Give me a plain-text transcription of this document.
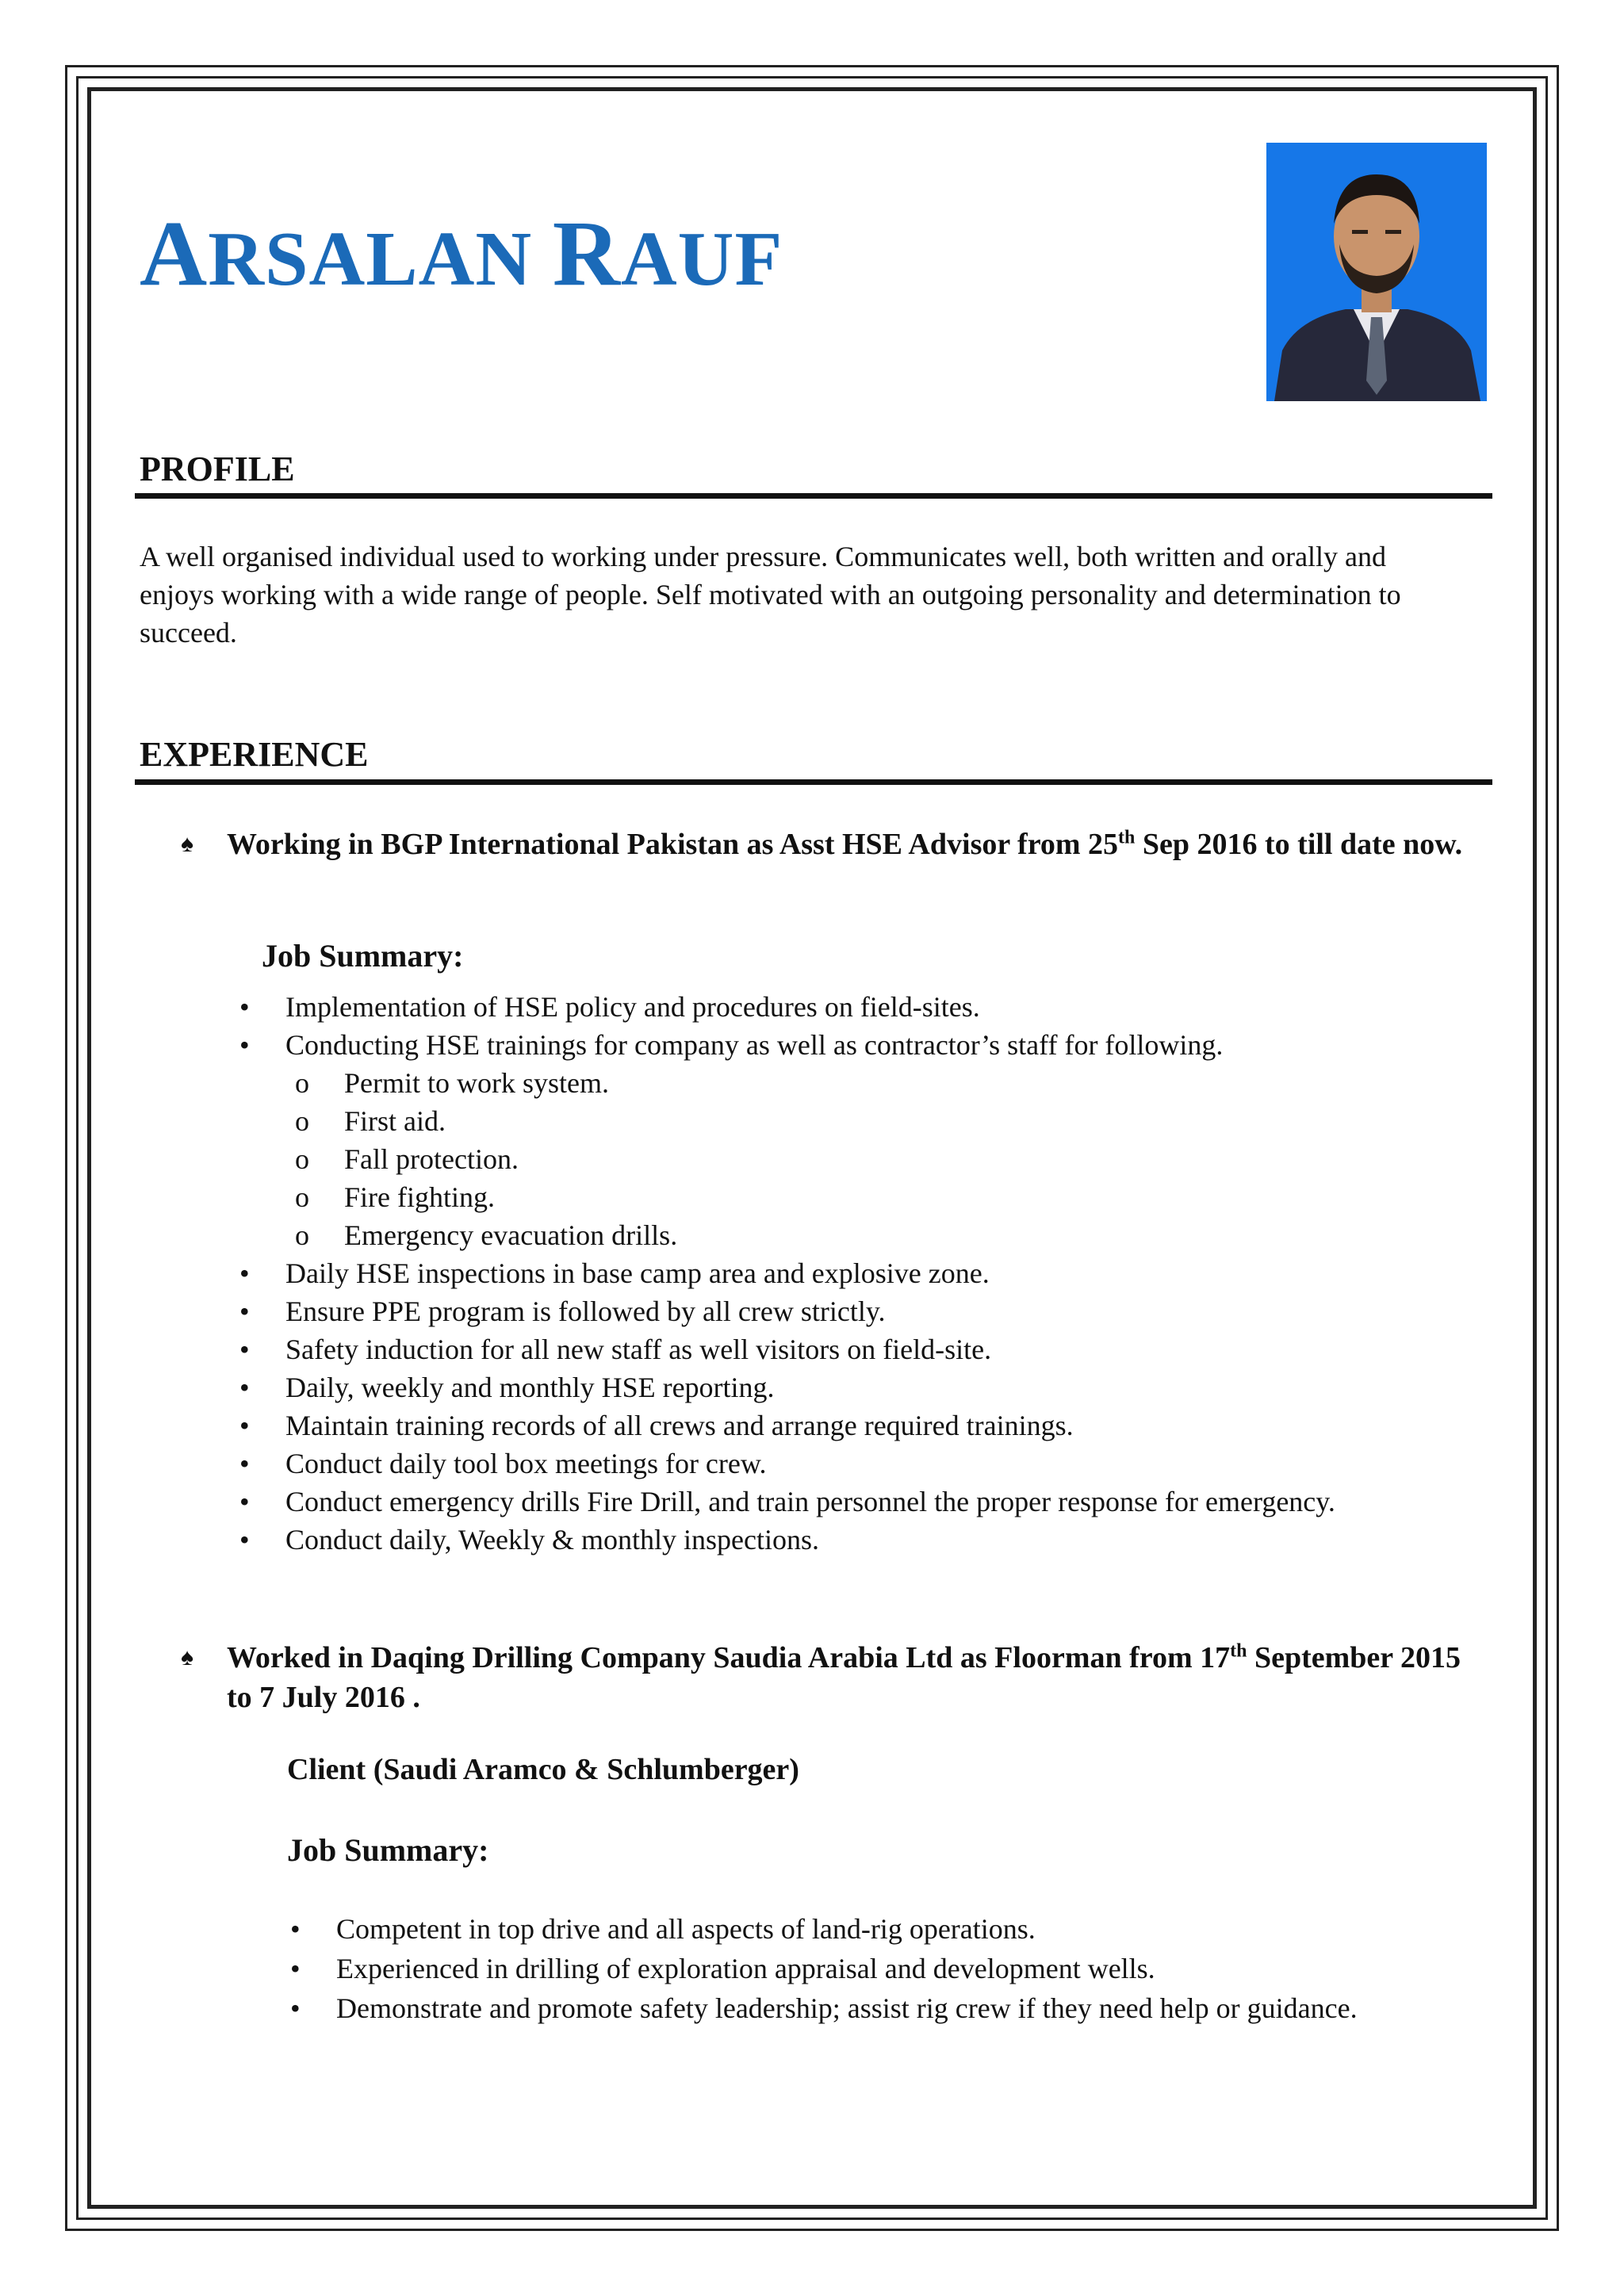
ARSALAN RAUF
PROFILE
A well organised individual used to working under pressure. Communicates well, both written and orally and enjoys working with a wide range of people. Self motivated with an outgoing personality and determination to succeed.
EXPERIENCE
♠ Working in BGP International Pakistan as Asst HSE Advisor from 25th Sep 2016 to till date now.
Job Summary:
• Implementation of HSE policy and procedures on field-sites.
• Conducting HSE trainings for company as well as contractor’s staff for following.
o Permit to work system.
o First aid.
o Fall protection.
o Fire fighting.
o Emergency evacuation drills.
• Daily HSE inspections in base camp area and explosive zone.
• Ensure PPE program is followed by all crew strictly.
• Safety induction for all new staff as well visitors on field-site.
• Daily, weekly and monthly HSE reporting.
• Maintain training records of all crews and arrange required trainings.
• Conduct daily tool box meetings for crew.
• Conduct emergency drills Fire Drill, and train personnel the proper response for emergency.
• Conduct daily, Weekly & monthly inspections.
♠ Worked in Daqing Drilling Company Saudia Arabia Ltd as Floorman from 17th September 2015 to 7 July 2016 .
Client (Saudi Aramco & Schlumberger)
Job Summary:
• Competent in top drive and all aspects of land-rig operations.
• Experienced in drilling of exploration appraisal and development wells.
• Demonstrate and promote safety leadership; assist rig crew if they need help or guidance.
